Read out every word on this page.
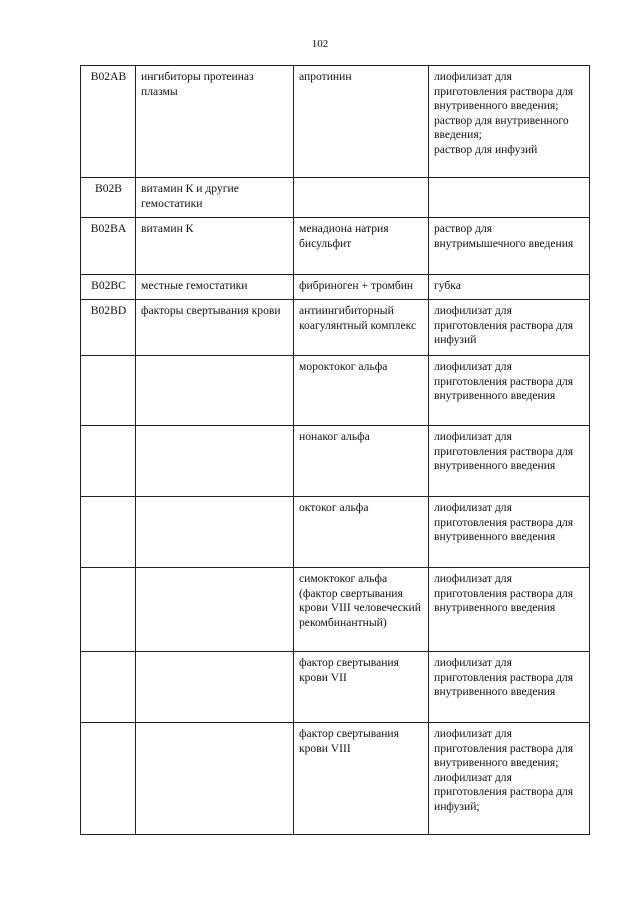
102
B02AB	ингибиторы протеиназ плазмы	апротинин	лиофилизат для приготовления раствора для внутривенного введения;
раствор для внутривенного введения;
раствор для инфузий

B02B	витамин К и другие гемостатики		
B02BA	витамин К	менадиона натрия бисульфит	раствор для внутримышечного введения

B02BC	местные гемостатики	фибриноген + тромбин	губка

B02BD	факторы свертывания крови	антиингибиторный коагулянтный комплекс	лиофилизат для приготовления раствора для инфузий

		мороктоког альфа	лиофилизат для приготовления раствора для внутривенного введения

		нонаког альфа	лиофилизат для приготовления раствора для внутривенного введения

		октоког альфа	лиофилизат для приготовления раствора для внутривенного введения

		симоктоког альфа (фактор свертывания крови VIII человеческий рекомбинантный)	лиофилизат для приготовления раствора для внутривенного введения

		фактор свертывания крови VII	лиофилизат для приготовления раствора для внутривенного введения

		фактор свертывания крови VIII	лиофилизат для приготовления раствора для внутривенного введения;
лиофилизат для приготовления раствора для инфузий;
